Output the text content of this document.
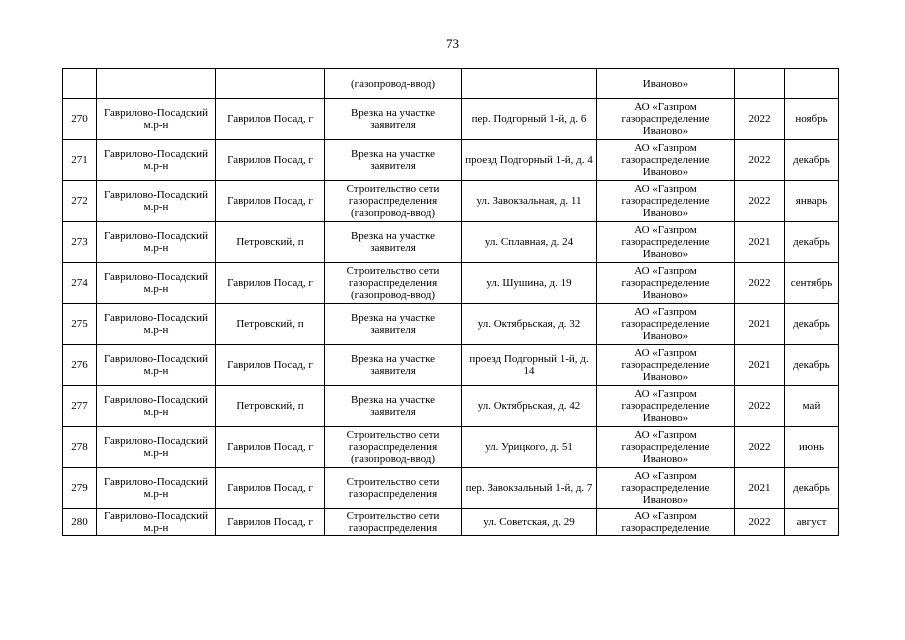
73
			(газопровод-ввод)		Иваново»		
270	Гаврилово-Посадский м.р-н	Гаврилов Посад, г	Врезка на участке заявителя	пер. Подгорный 1-й, д. 6	АО «Газпром газораспределение Иваново»	2022	ноябрь
271	Гаврилово-Посадский м.р-н	Гаврилов Посад, г	Врезка на участке заявителя	проезд Подгорный 1-й, д. 4	АО «Газпром газораспределение Иваново»	2022	декабрь
272	Гаврилово-Посадский м.р-н	Гаврилов Посад, г	Строительство сети газораспределения (газопровод-ввод)	ул. Завокзальная, д. 11	АО «Газпром газораспределение Иваново»	2022	январь
273	Гаврилово-Посадский м.р-н	Петровский, п	Врезка на участке заявителя	ул. Сплавная, д. 24	АО «Газпром газораспределение Иваново»	2021	декабрь
274	Гаврилово-Посадский м.р-н	Гаврилов Посад, г	Строительство сети газораспределения (газопровод-ввод)	ул. Шушина, д. 19	АО «Газпром газораспределение Иваново»	2022	сентябрь
275	Гаврилово-Посадский м.р-н	Петровский, п	Врезка на участке заявителя	ул. Октябрьская, д. 32	АО «Газпром газораспределение Иваново»	2021	декабрь
276	Гаврилово-Посадский м.р-н	Гаврилов Посад, г	Врезка на участке заявителя	проезд Подгорный 1-й, д. 14	АО «Газпром газораспределение Иваново»	2021	декабрь
277	Гаврилово-Посадский м.р-н	Петровский, п	Врезка на участке заявителя	ул. Октябрьская, д. 42	АО «Газпром газораспределение Иваново»	2022	май
278	Гаврилово-Посадский м.р-н	Гаврилов Посад, г	Строительство сети газораспределения (газопровод-ввод)	ул. Урицкого, д. 51	АО «Газпром газораспределение Иваново»	2022	июнь
279	Гаврилово-Посадский м.р-н	Гаврилов Посад, г	Строительство сети газораспределения	пер. Завокзальный 1-й, д. 7	АО «Газпром газораспределение Иваново»	2021	декабрь
280	Гаврилово-Посадский м.р-н	Гаврилов Посад, г	Строительство сети газораспределения	ул. Советская, д. 29	АО «Газпром газораспределение	2022	август
